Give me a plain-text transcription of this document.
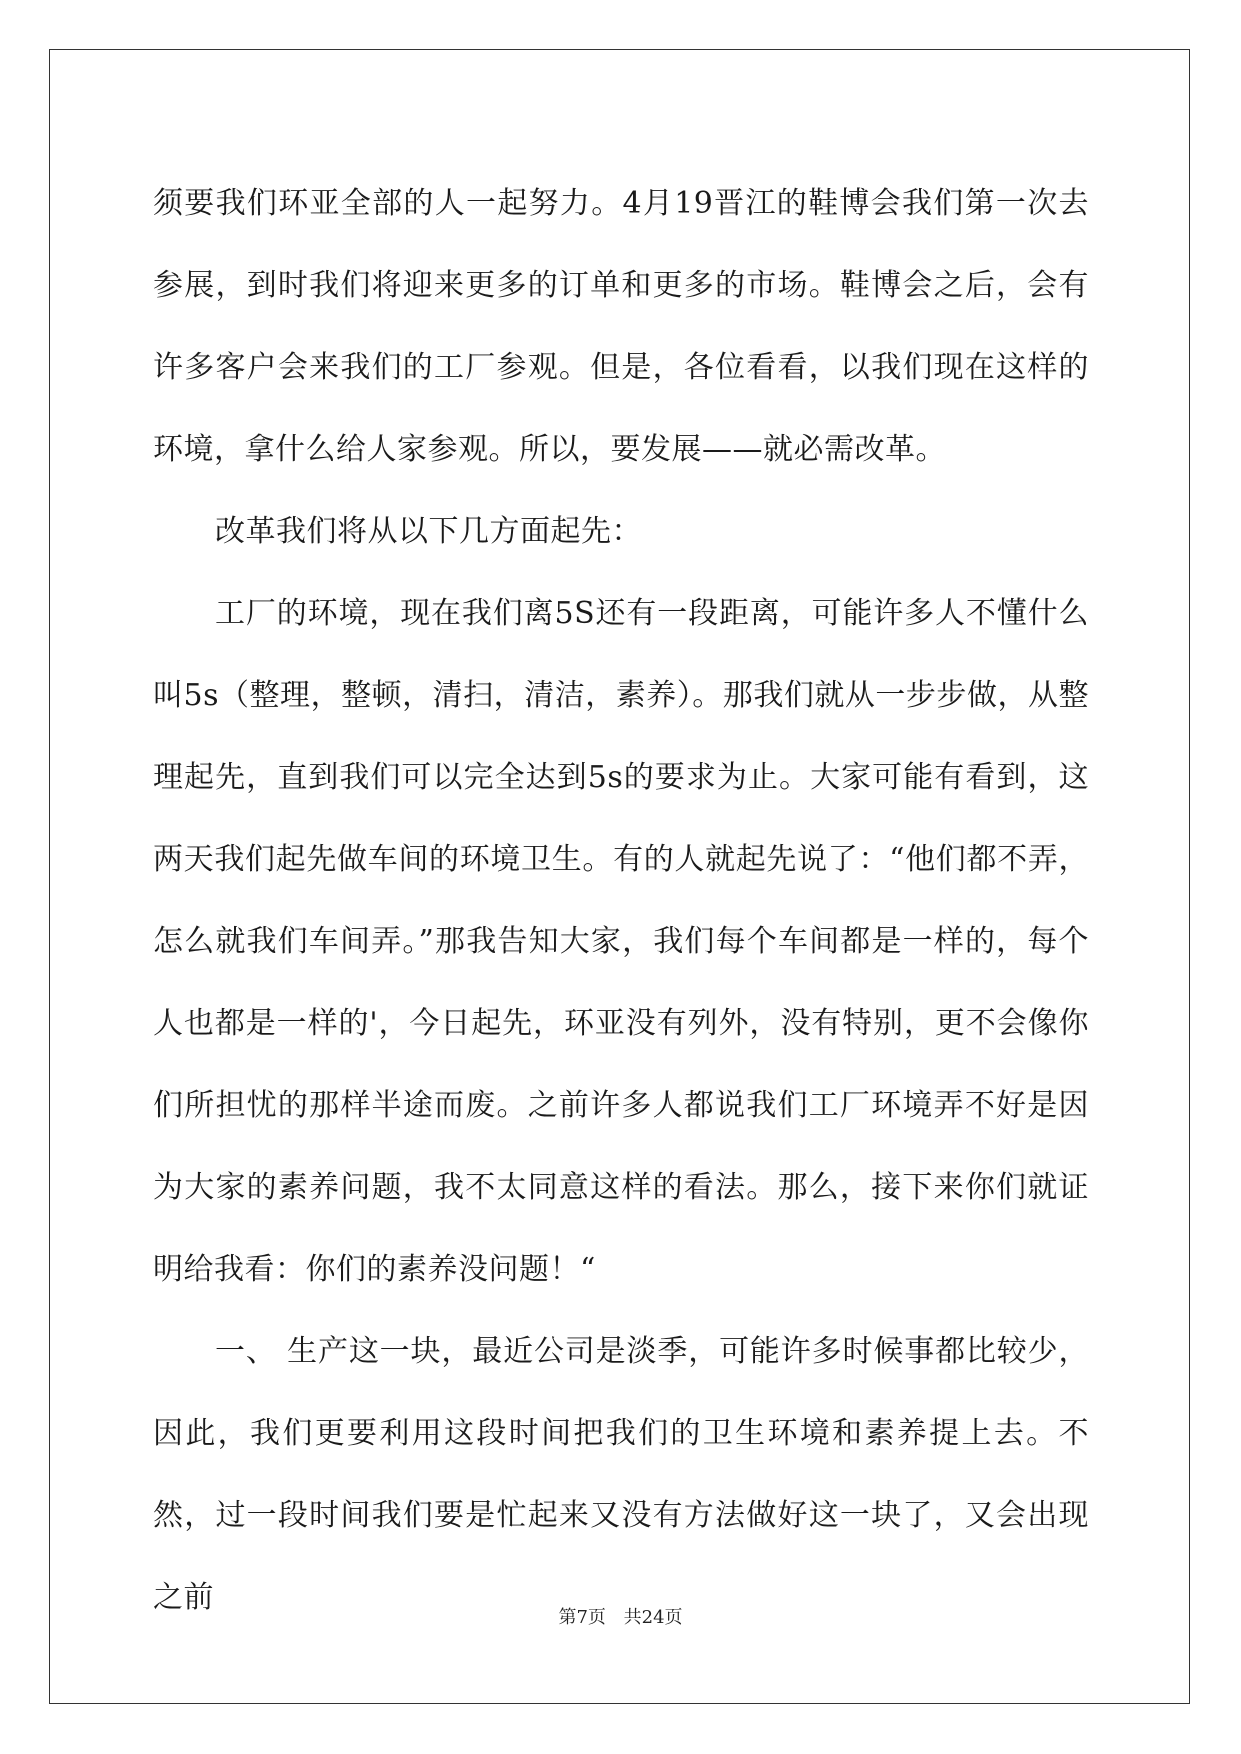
须要我们环亚全部的人一起努力。4月19晋江的鞋博会我们第一次去参展，到时我们将迎来更多的订单和更多的市场。鞋博会之后，会有许多客户会来我们的工厂参观。但是，各位看看，以我们现在这样的环境，拿什么给人家参观。所以，要发展——就必需改革。

改革我们将从以下几方面起先：

工厂的环境，现在我们离5S还有一段距离，可能许多人不懂什么叫5s（整理，整顿，清扫，清洁，素养）。那我们就从一步步做，从整理起先，直到我们可以完全达到5s的要求为止。大家可能有看到，这两天我们起先做车间的环境卫生。有的人就起先说了：“他们都不弄，怎么就我们车间弄。”那我告知大家，我们每个车间都是一样的，每个人也都是一样的'，今日起先，环亚没有列外，没有特别，更不会像你们所担忧的那样半途而废。之前许多人都说我们工厂环境弄不好是因为大家的素养问题，我不太同意这样的看法。那么，接下来你们就证明给我看：你们的素养没问题！“

一、 生产这一块，最近公司是淡季，可能许多时候事都比较少，因此，我们更要利用这段时间把我们的卫生环境和素养提上去。不然，过一段时间我们要是忙起来又没有方法做好这一块了，又会出现之前

第7页 共24页
